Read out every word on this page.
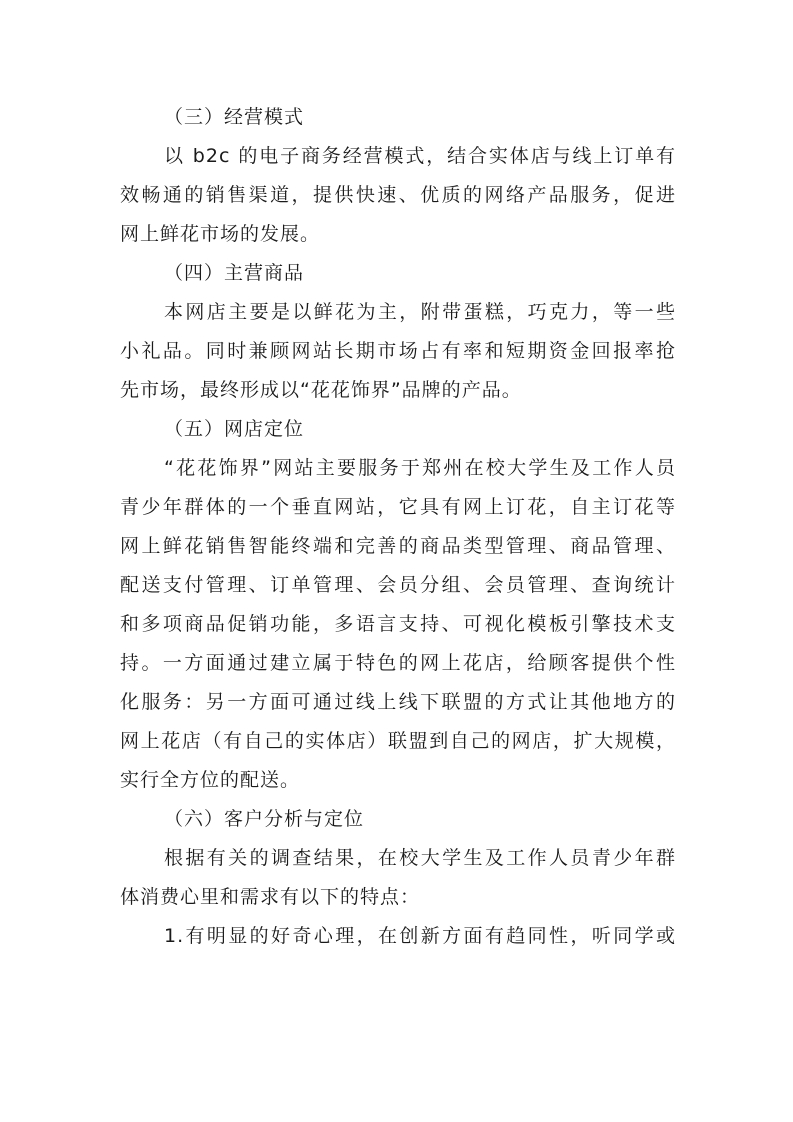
（三）经营模式
以 b2c 的电子商务经营模式，结合实体店与线上订单有
效畅通的销售渠道，提供快速、优质的网络产品服务，促进
网上鲜花市场的发展。
（四）主营商品
本网店主要是以鲜花为主，附带蛋糕，巧克力，等一些
小礼品。同时兼顾网站长期市场占有率和短期资金回报率抢
先市场，最终形成以“花花饰界”品牌的产品。
（五）网店定位
“花花饰界”网站主要服务于郑州在校大学生及工作人员
青少年群体的一个垂直网站，它具有网上订花，自主订花等
网上鲜花销售智能终端和完善的商品类型管理、商品管理、
配送支付管理、订单管理、会员分组、会员管理、查询统计
和多项商品促销功能，多语言支持、可视化模板引擎技术支
持。一方面通过建立属于特色的网上花店，给顾客提供个性
化服务：另一方面可通过线上线下联盟的方式让其他地方的
网上花店（有自己的实体店）联盟到自己的网店，扩大规模，
实行全方位的配送。
（六）客户分析与定位
根据有关的调查结果，在校大学生及工作人员青少年群
体消费心里和需求有以下的特点：
1.有明显的好奇心理，在创新方面有趋同性，听同学或
